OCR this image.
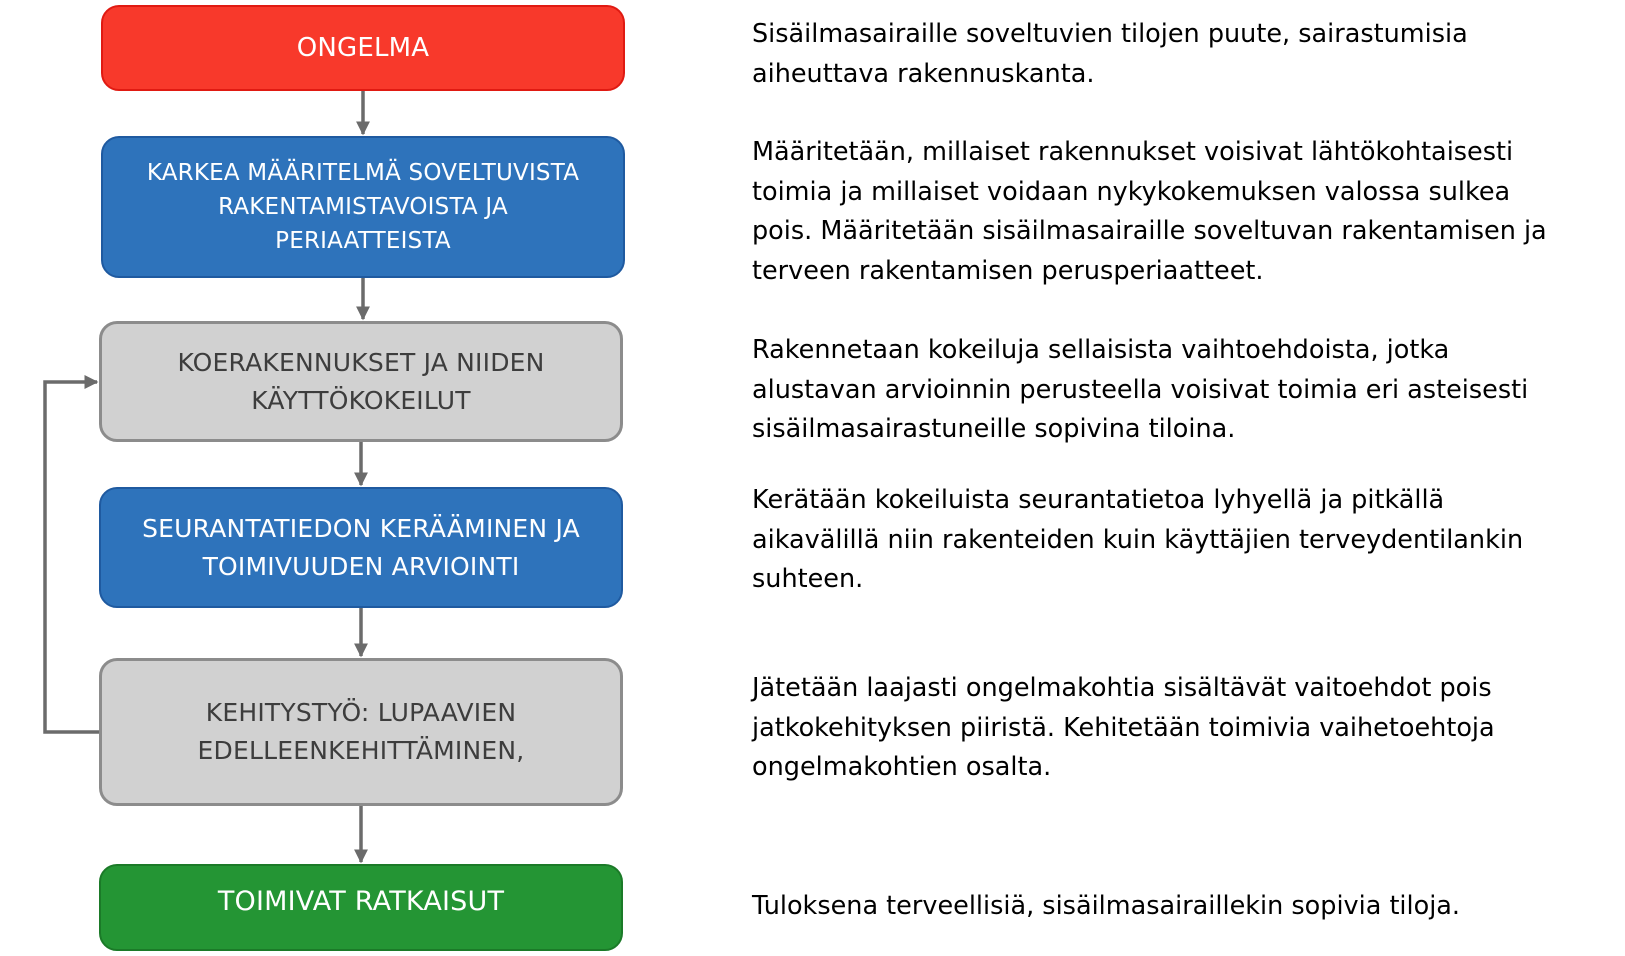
ONGELMA
KARKEA MÄÄRITELMÄ SOVELTUVISTA RAKENTAMISTAVOISTA JA PERIAATTEISTA
KOERAKENNUKSET JA NIIDEN KÄYTTÖKOKEILUT
SEURANTATIEDON KERÄÄMINEN JA TOIMIVUUDEN ARVIOINTI
KEHITYSTYÖ: LUPAAVIEN EDELLEENKEHITTÄMINEN,
TOIMIVAT RATKAISUT

Sisäilmasairaille soveltuvien tilojen puute, sairastumisia aiheuttava rakennuskanta.

Määritetään, millaiset rakennukset voisivat lähtökohtaisesti toimia ja millaiset voidaan nykykokemuksen valossa sulkea pois. Määritetään sisäilmasairaille soveltuvan rakentamisen ja terveen rakentamisen perusperiaatteet.

Rakennetaan kokeiluja sellaisista vaihtoehdoista, jotka alustavan arvioinnin perusteella voisivat toimia eri asteisesti sisäilmasairastuneille sopivina tiloina.

Kerätään kokeiluista seurantatietoa lyhyellä ja pitkällä aikavälillä niin rakenteiden kuin käyttäjien terveydentilankin suhteen.

Jätetään laajasti ongelmakohtia sisältävät vaitoehdot pois jatkokehityksen piiristä. Kehitetään toimivia vaihetoehtoja ongelmakohtien osalta.

Tuloksena terveellisiä, sisäilmasairaillekin sopivia tiloja.
